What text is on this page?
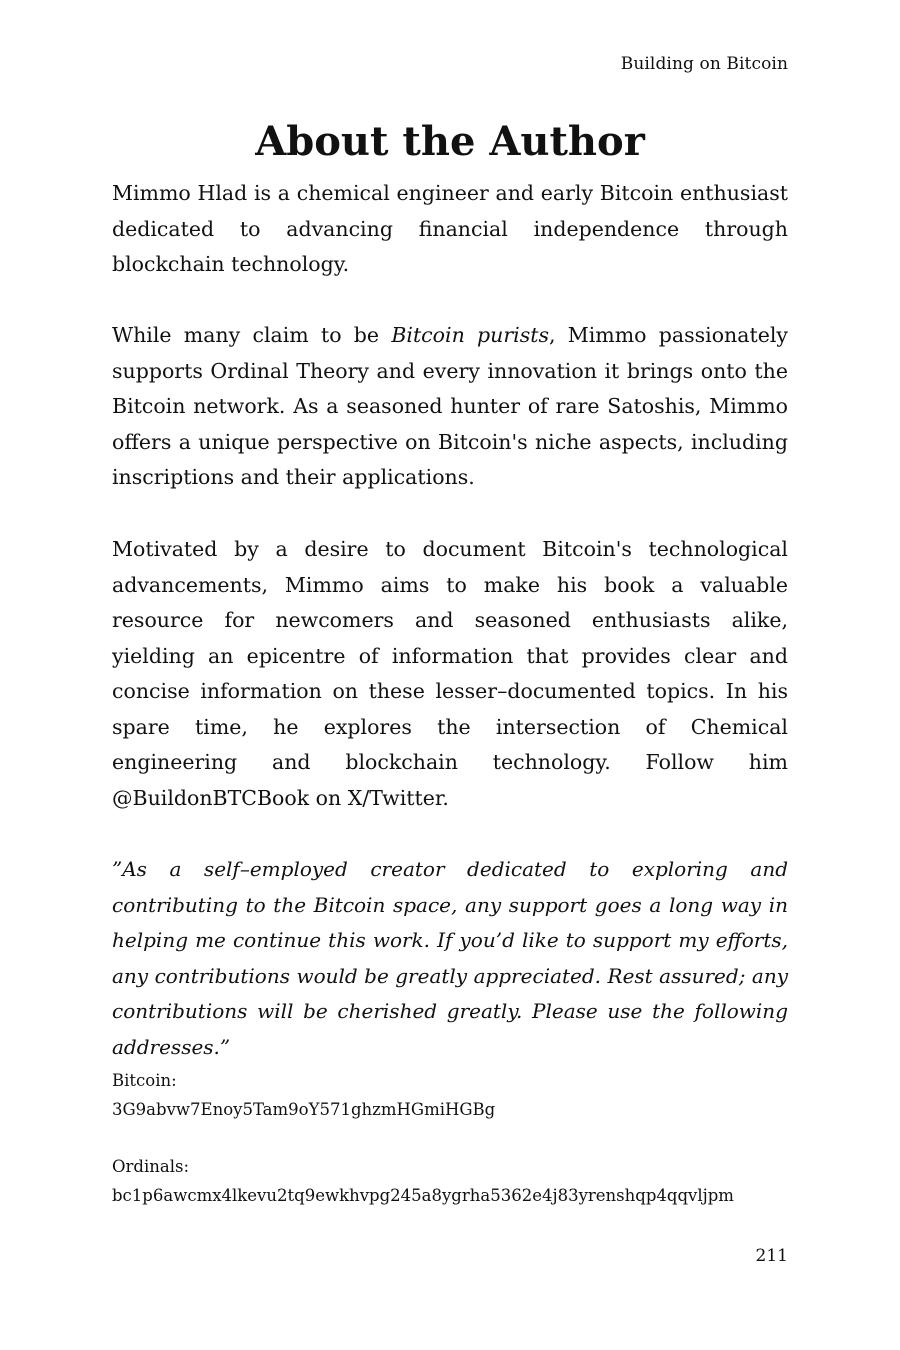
Building on Bitcoin
About the Author

Mimmo Hlad is a chemical engineer and early Bitcoin enthusiast dedicated to advancing financial independence through blockchain technology.

While many claim to be Bitcoin purists, Mimmo passionately supports Ordinal Theory and every innovation it brings onto the Bitcoin network. As a seasoned hunter of rare Satoshis, Mimmo offers a unique perspective on Bitcoin's niche aspects, including inscriptions and their applications.

Motivated by a desire to document Bitcoin's technological advancements, Mimmo aims to make his book a valuable resource for newcomers and seasoned enthusiasts alike, yielding an epicentre of information that provides clear and concise information on these lesser–documented topics. In his spare time, he explores the intersection of Chemical engineering and blockchain technology. Follow him @BuildonBTCBook on X/Twitter.

”As a self–employed creator dedicated to exploring and contributing to the Bitcoin space, any support goes a long way in helping me continue this work. If you’d like to support my efforts, any contributions would be greatly appreciated. Rest assured; any contributions will be cherished greatly. Please use the following addresses.”

Bitcoin:
3G9abvw7Enoy5Tam9oY571ghzmHGmiHGBg
Ordinals:
bc1p6awcmx4lkevu2tq9ewkhvpg245a8ygrha5362e4j83yrenshqp4qqvljpm
211
